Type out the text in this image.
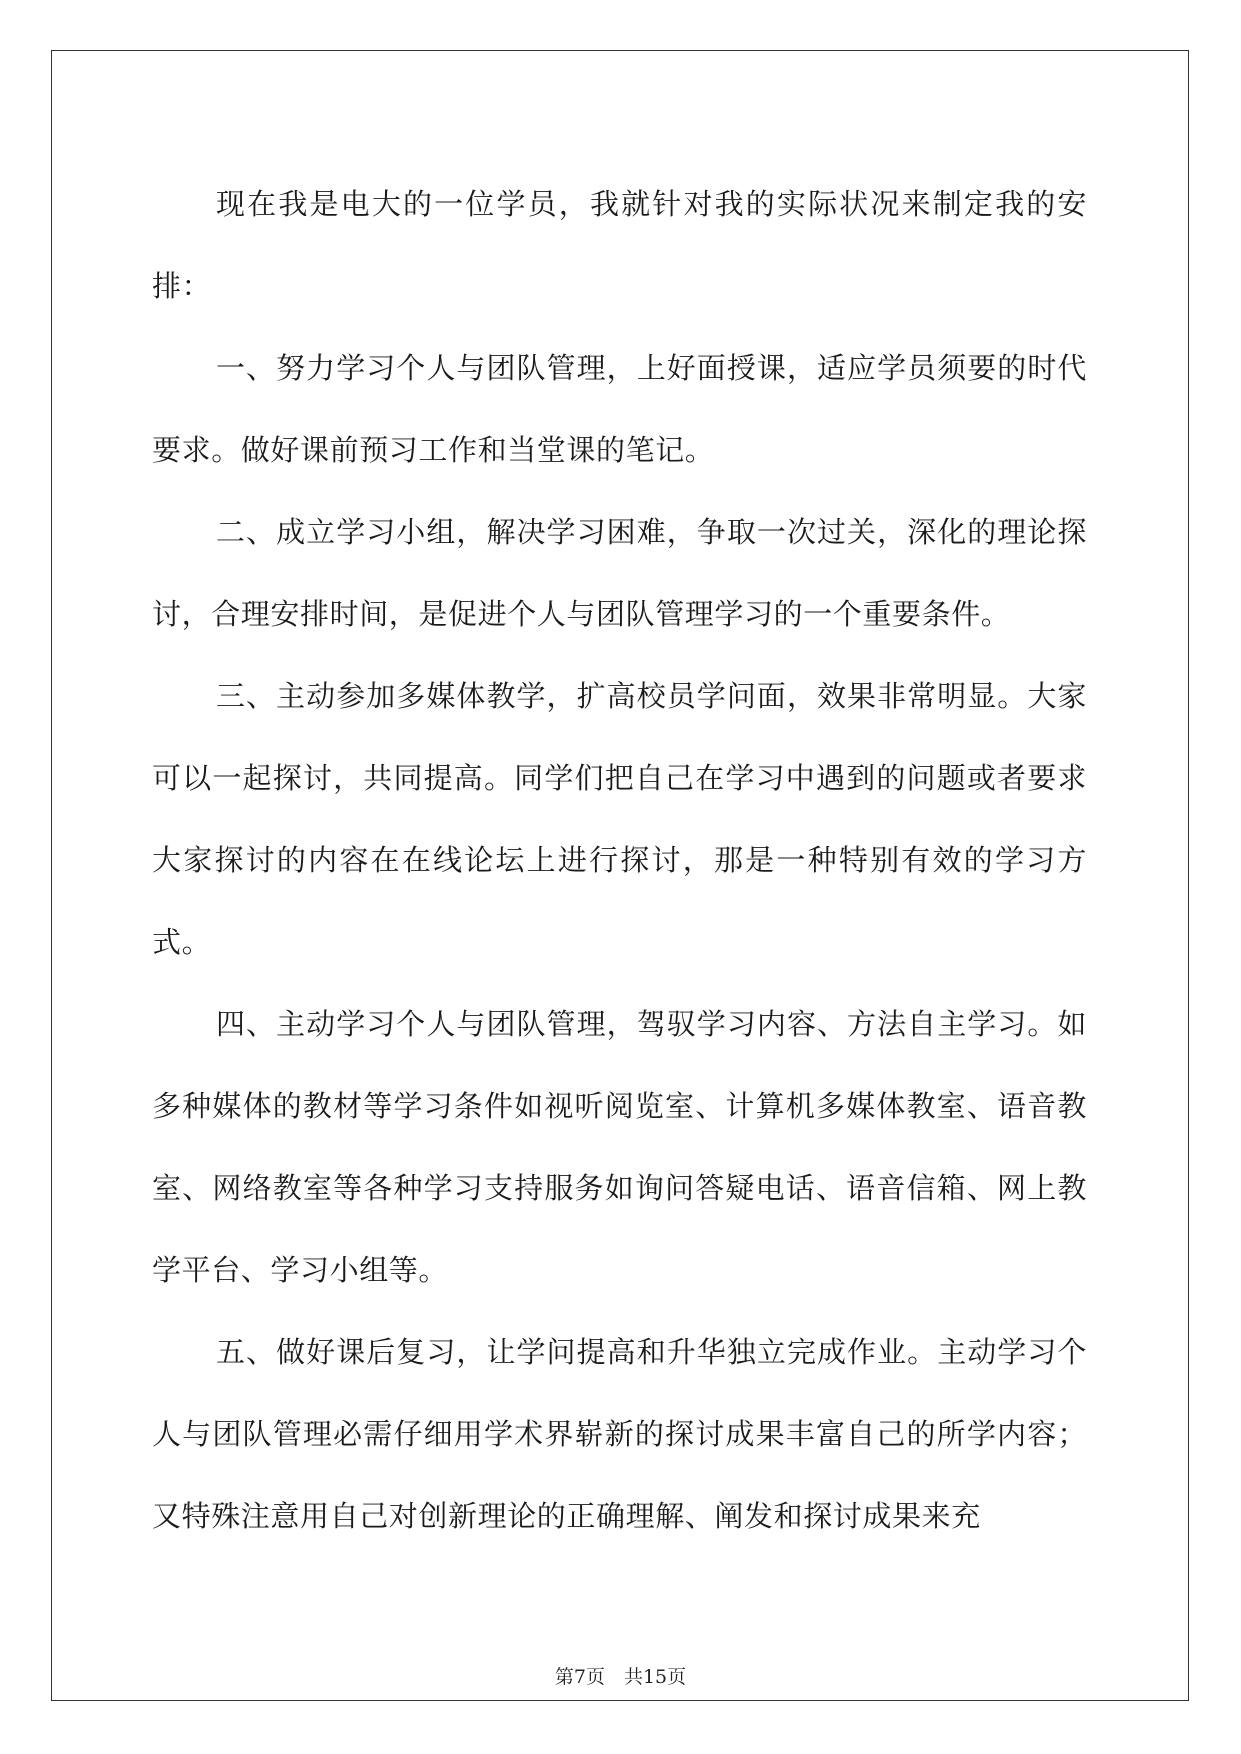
现在我是电大的一位学员，我就针对我的实际状况来制定我的安排：

一、努力学习个人与团队管理，上好面授课，适应学员须要的时代要求。做好课前预习工作和当堂课的笔记。

二、成立学习小组，解决学习困难，争取一次过关，深化的理论探讨，合理安排时间，是促进个人与团队管理学习的一个重要条件。

三、主动参加多媒体教学，扩高校员学问面，效果非常明显。大家可以一起探讨，共同提高。同学们把自己在学习中遇到的问题或者要求大家探讨的内容在在线论坛上进行探讨，那是一种特别有效的学习方式。

四、主动学习个人与团队管理，驾驭学习内容、方法自主学习。如多种媒体的教材等学习条件如视听阅览室、计算机多媒体教室、语音教室、网络教室等各种学习支持服务如询问答疑电话、语音信箱、网上教学平台、学习小组等。

五、做好课后复习，让学问提高和升华独立完成作业。主动学习个人与团队管理必需仔细用学术界崭新的探讨成果丰富自己的所学内容；又特殊注意用自己对创新理论的正确理解、阐发和探讨成果来充

第7页　共15页
